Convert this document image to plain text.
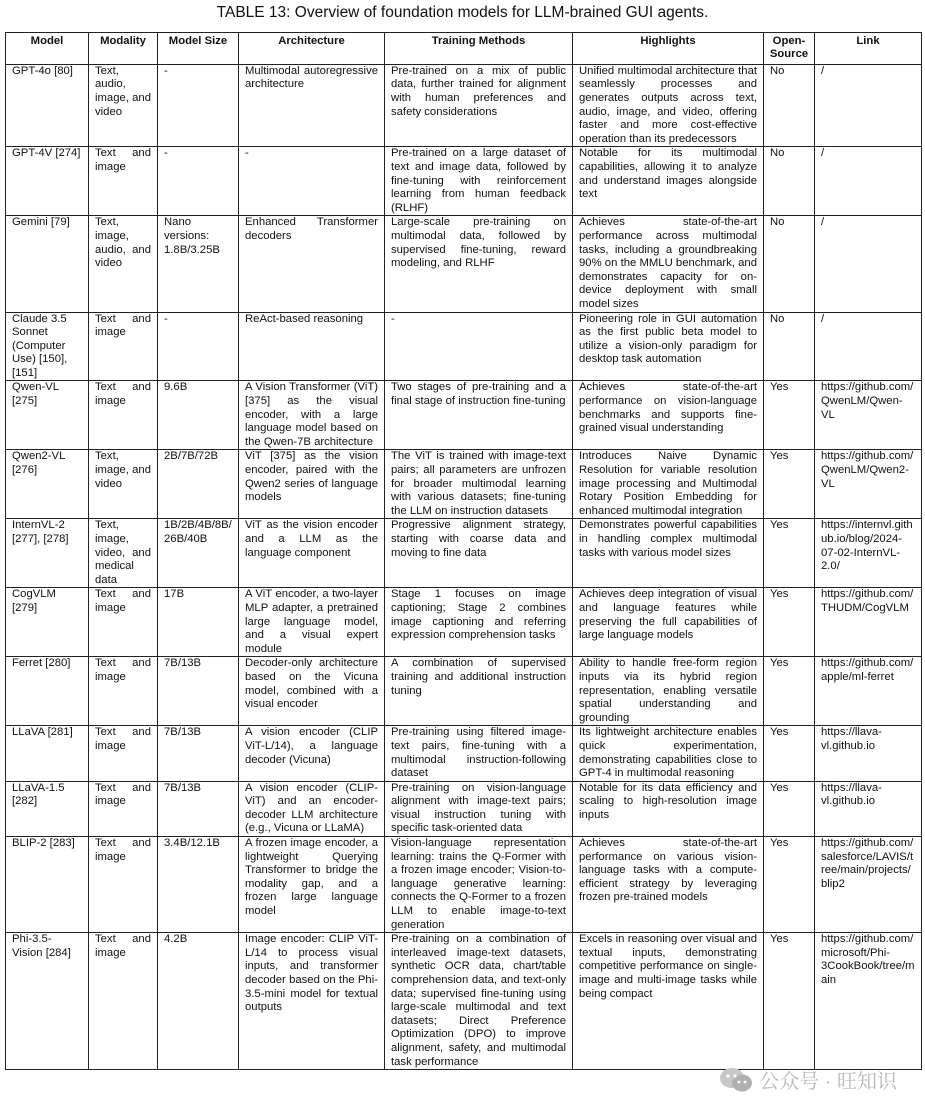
TABLE 13: Overview of foundation models for LLM-brained GUI agents.
Model	Modality	Model Size	Architecture	Training Methods	Highlights	Open-Source	Link
GPT-4o [80]	Text, audio, image, and video	-	Multimodal autoregressive architecture	Pre-trained on a mix of public data, further trained for alignment with human preferences and safety considerations	Unified multimodal architecture that seamlessly processes and generates outputs across text, audio, image, and video, offering faster and more cost-effective operation than its predecessors	No	/
GPT-4V [274]	Text and image	-	-	Pre-trained on a large dataset of text and image data, followed by fine-tuning with reinforcement learning from human feedback (RLHF)	Notable for its multimodal capabilities, allowing it to analyze and understand images alongside text	No	/
Gemini [79]	Text, image, audio, and video	Nano versions: 1.8B/3.25B	Enhanced Transformer decoders	Large-scale pre-training on multimodal data, followed by supervised fine-tuning, reward modeling, and RLHF	Achieves state-of-the-art performance across multimodal tasks, including a groundbreaking 90% on the MMLU benchmark, and demonstrates capacity for on-device deployment with small model sizes	No	/
Claude 3.5 Sonnet (Computer Use) [150], [151]	Text and image	-	ReAct-based reasoning	-	Pioneering role in GUI automation as the first public beta model to utilize a vision-only paradigm for desktop task automation	No	/
Qwen-VL [275]	Text and image	9.6B	A Vision Transformer (ViT) [375] as the visual encoder, with a large language model based on the Qwen-7B architecture	Two stages of pre-training and a final stage of instruction fine-tuning	Achieves state-of-the-art performance on vision-language benchmarks and supports fine-grained visual understanding	Yes	https://github.com/QwenLM/Qwen-VL
Qwen2-VL [276]	Text, image, and video	2B/7B/72B	ViT [375] as the vision encoder, paired with the Qwen2 series of language models	The ViT is trained with image-text pairs; all parameters are unfrozen for broader multimodal learning with various datasets; fine-tuning the LLM on instruction datasets	Introduces Naive Dynamic Resolution for variable resolution image processing and Multimodal Rotary Position Embedding for enhanced multimodal integration	Yes	https://github.com/QwenLM/Qwen2-VL
InternVL-2 [277], [278]	Text, image, video, and medical data	1B/2B/4B/8B/26B/40B	ViT as the vision encoder and a LLM as the language component	Progressive alignment strategy, starting with coarse data and moving to fine data	Demonstrates powerful capabilities in handling complex multimodal tasks with various model sizes	Yes	https://internvl.github.io/blog/2024-07-02-InternVL-2.0/
CogVLM [279]	Text and image	17B	A ViT encoder, a two-layer MLP adapter, a pretrained large language model, and a visual expert module	Stage 1 focuses on image captioning; Stage 2 combines image captioning and referring expression comprehension tasks	Achieves deep integration of visual and language features while preserving the full capabilities of large language models	Yes	https://github.com/THUDM/CogVLM
Ferret [280]	Text and image	7B/13B	Decoder-only architecture based on the Vicuna model, combined with a visual encoder	A combination of supervised training and additional instruction tuning	Ability to handle free-form region inputs via its hybrid region representation, enabling versatile spatial understanding and grounding	Yes	https://github.com/apple/ml-ferret
LLaVA [281]	Text and image	7B/13B	A vision encoder (CLIP ViT-L/14), a language decoder (Vicuna)	Pre-training using filtered image-text pairs, fine-tuning with a multimodal instruction-following dataset	Its lightweight architecture enables quick experimentation, demonstrating capabilities close to GPT-4 in multimodal reasoning	Yes	https://llava-vl.github.io
LLaVA-1.5 [282]	Text and image	7B/13B	A vision encoder (CLIP-ViT) and an encoder-decoder LLM architecture (e.g., Vicuna or LLaMA)	Pre-training on vision-language alignment with image-text pairs; visual instruction tuning with specific task-oriented data	Notable for its data efficiency and scaling to high-resolution image inputs	Yes	https://llava-vl.github.io
BLIP-2 [283]	Text and image	3.4B/12.1B	A frozen image encoder, a lightweight Querying Transformer to bridge the modality gap, and a frozen large language model	Vision-language representation learning: trains the Q-Former with a frozen image encoder; Vision-to-language generative learning: connects the Q-Former to a frozen LLM to enable image-to-text generation	Achieves state-of-the-art performance on various vision-language tasks with a compute-efficient strategy by leveraging frozen pre-trained models	Yes	https://github.com/salesforce/LAVIS/tree/main/projects/blip2
Phi-3.5-Vision [284]	Text and image	4.2B	Image encoder: CLIP ViT-L/14 to process visual inputs, and transformer decoder based on the Phi-3.5-mini model for textual outputs	Pre-training on a combination of interleaved image-text datasets, synthetic OCR data, chart/table comprehension data, and text-only data; supervised fine-tuning using large-scale multimodal and text datasets; Direct Preference Optimization (DPO) to improve alignment, safety, and multimodal task performance	Excels in reasoning over visual and textual inputs, demonstrating competitive performance on single-image and multi-image tasks while being compact	Yes	https://github.com/microsoft/Phi-3CookBook/tree/main
公众号 · 旺知识
